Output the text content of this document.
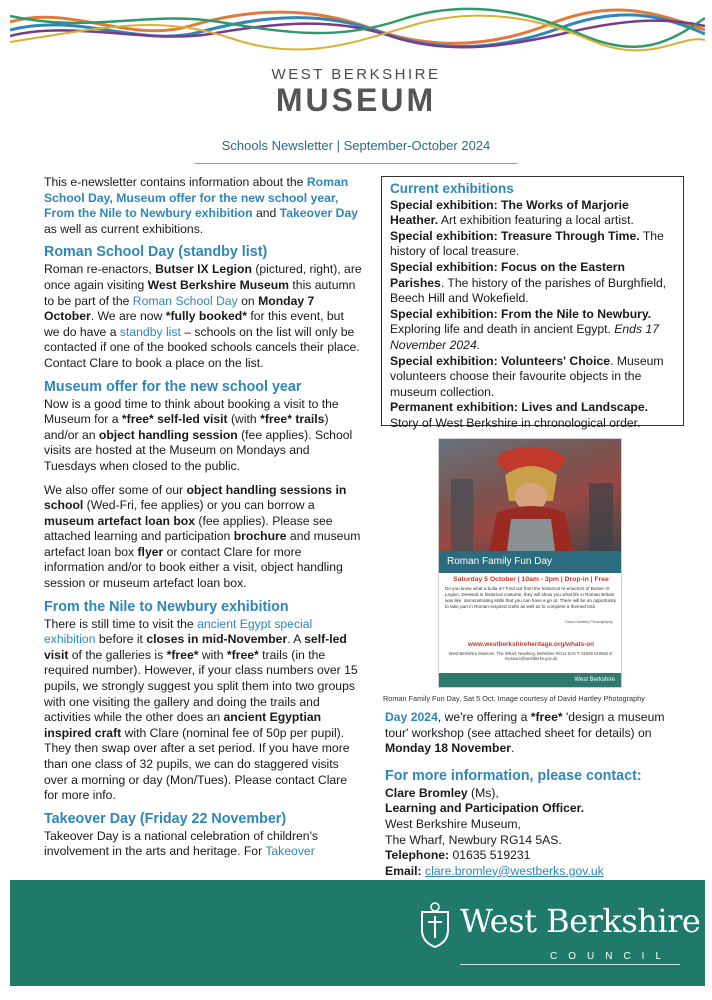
WEST BERKSHIRE
MUSEUM
Schools Newsletter | September-October 2024

This e-newsletter contains information about the Roman School Day, Museum offer for the new school year, From the Nile to Newbury exhibition and Takeover Day as well as current exhibitions.

Roman School Day (standby list)

Roman re-enactors, Butser IX Legion (pictured, right), are once again visiting West Berkshire Museum this autumn to be part of the Roman School Day on Monday 7 October. We are now *fully booked* for this event, but we do have a standby list – schools on the list will only be contacted if one of the booked schools cancels their place. Contact Clare to book a place on the list.

Museum offer for the new school year

Now is a good time to think about booking a visit to the Museum for a *free* self-led visit (with *free* trails) and/or an object handling session (fee applies). School visits are hosted at the Museum on Mondays and Tuesdays when closed to the public.

We also offer some of our object handling sessions in school (Wed-Fri, fee applies) or you can borrow a museum artefact loan box (fee applies). Please see attached learning and participation brochure and museum artefact loan box flyer or contact Clare for more information and/or to book either a visit, object handling session or museum artefact loan box.

From the Nile to Newbury exhibition

There is still time to visit the ancient Egypt special exhibition before it closes in mid-November. A self-led visit of the galleries is *free* with *free* trails (in the required number). However, if your class numbers over 15 pupils, we strongly suggest you split them into two groups with one visiting the gallery and doing the trails and activities while the other does an ancient Egyptian inspired craft with Clare (nominal fee of 50p per pupil). They then swap over after a set period. If you have more than one class of 32 pupils, we can do staggered visits over a morning or day (Mon/Tues). Please contact Clare for more info.

Takeover Day (Friday 22 November)

Takeover Day is a national celebration of children's involvement in the arts and heritage. For Takeover

Current exhibitions

Special exhibition: The Works of Marjorie Heather. Art exhibition featuring a local artist.

Special exhibition: Treasure Through Time. The history of local treasure.

Special exhibition: Focus on the Eastern Parishes. The history of the parishes of Burghfield, Beech Hill and Wokefield.

Special exhibition: From the Nile to Newbury. Exploring life and death in ancient Egypt. Ends 17 November 2024.

Special exhibition: Volunteers' Choice. Museum volunteers choose their favourite objects in the museum collection.

Permanent exhibition: Lives and Landscape. Story of West Berkshire in chronological order.

Roman Family Fun Day
Saturday 5 October | 10am - 3pm | Drop-in | Free
Do you know what a bulla is? Find out from the historical re-enactors of Butser IX Legion. Dressed in historical costume, they will show you what life in Roman Britain was like, demonstrating skills that you can have a go at. There will be an opportunity to take part in Roman-inspired crafts as well as to complete a themed trail.
David Hartley Photography
www.westberkshireheritage.org/whats-on
West Berkshire Museum, The Wharf, Newbury, Berkshire RG14 5AS T: 01635 519562 E: museum@westberks.gov.uk
West Berkshire
Roman Family Fun Day, Sat 5 Oct. Image courtesy of David Hartley Photography

Day 2024, we're offering a *free* 'design a museum tour' workshop (see attached sheet for details) on Monday 18 November.

For more information, please contact:

Clare Bromley (Ms),

Learning and Participation Officer.

West Berkshire Museum,

The Wharf, Newbury RG14 5AS.

Telephone: 01635 519231

Email: clare.bromley@westberks.gov.uk

West Berkshire
COUNCIL
